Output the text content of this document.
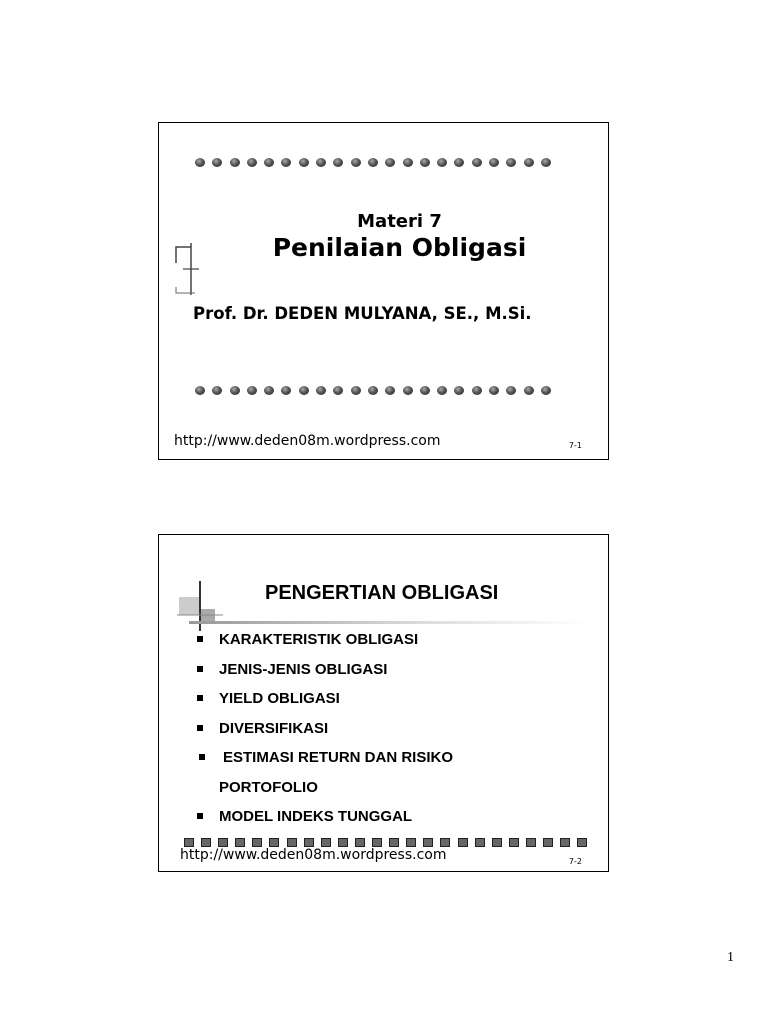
Materi 7
Penilaian Obligasi
Prof. Dr. DEDEN MULYANA, SE., M.Si.
http://www.deden08m.wordpress.com	7-1
PENGERTIAN OBLIGASI
KARAKTERISTIK OBLIGASI
JENIS-JENIS OBLIGASI
YIELD OBLIGASI
DIVERSIFIKASI
ESTIMASI RETURN DAN RISIKO
PORTOFOLIO
MODEL INDEKS TUNGGAL
http://www.deden08m.wordpress.com	7-2
1
